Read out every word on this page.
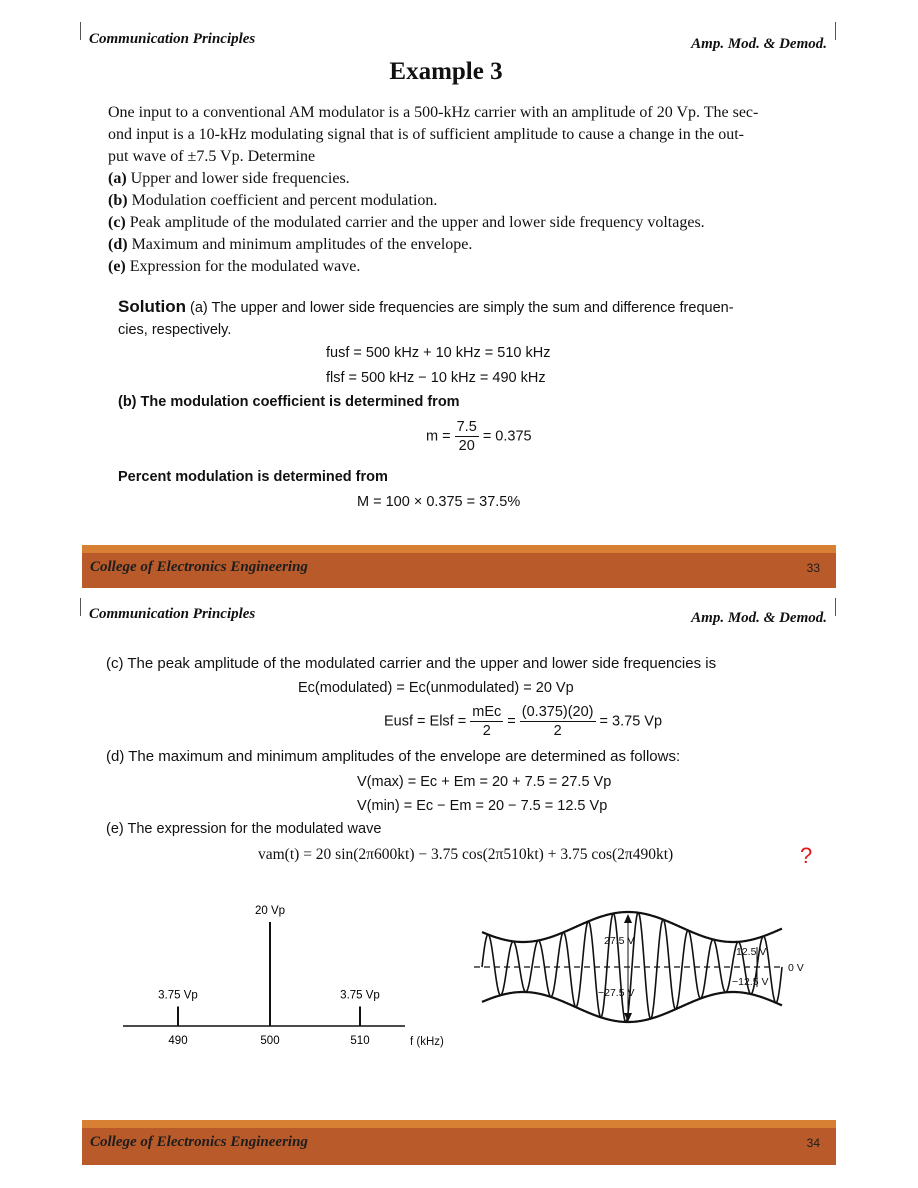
Communication Principles	Amp. Mod. & Demod.
Example 3
One input to a conventional AM modulator is a 500-kHz carrier with an amplitude of 20 Vp. The sec-
ond input is a 10-kHz modulating signal that is of sufficient amplitude to cause a change in the out-
put wave of ±7.5 Vp. Determine
(a) Upper and lower side frequencies.
(b) Modulation coefficient and percent modulation.
(c) Peak amplitude of the modulated carrier and the upper and lower side frequency voltages.
(d) Maximum and minimum amplitudes of the envelope.
(e) Expression for the modulated wave.
Solution (a) The upper and lower side frequencies are simply the sum and difference frequen-
cies, respectively.
fusf = 500 kHz + 10 kHz = 510 kHz
flsf = 500 kHz − 10 kHz = 490 kHz
(b) The modulation coefficient is determined from
$m = \frac{7.5}{20} = 0.375$
Percent modulation is determined from
M = 100 × 0.375 = 37.5%
College of Electronics Engineering	33
Communication Principles	Amp. Mod. & Demod.
(c) The peak amplitude of the modulated carrier and the upper and lower side frequencies is
Ec(modulated) = Ec(unmodulated) = 20 Vp
Eusf = Elsf = $\frac{\text{mEc}}{2} = \frac{(0.375)(20)}{2} = 3.75$ Vp
(d) The maximum and minimum amplitudes of the envelope are determined as follows:
V(max) = Ec + Em = 20 + 7.5 = 27.5 Vp
V(min) = Ec − Em = 20 − 7.5 = 12.5 Vp
(e) The expression for the modulated wave
vam(t) = 20 sin(2π600kt) − 3.75 cos(2π510kt) + 3.75 cos(2π490kt)	?
f (kHz)
3.75 Vp
490
20 Vp
500
3.75 Vp
510
27.5 V
−27.5 V
12.5 V
−12.5 V
0 V
College of Electronics Engineering	34
